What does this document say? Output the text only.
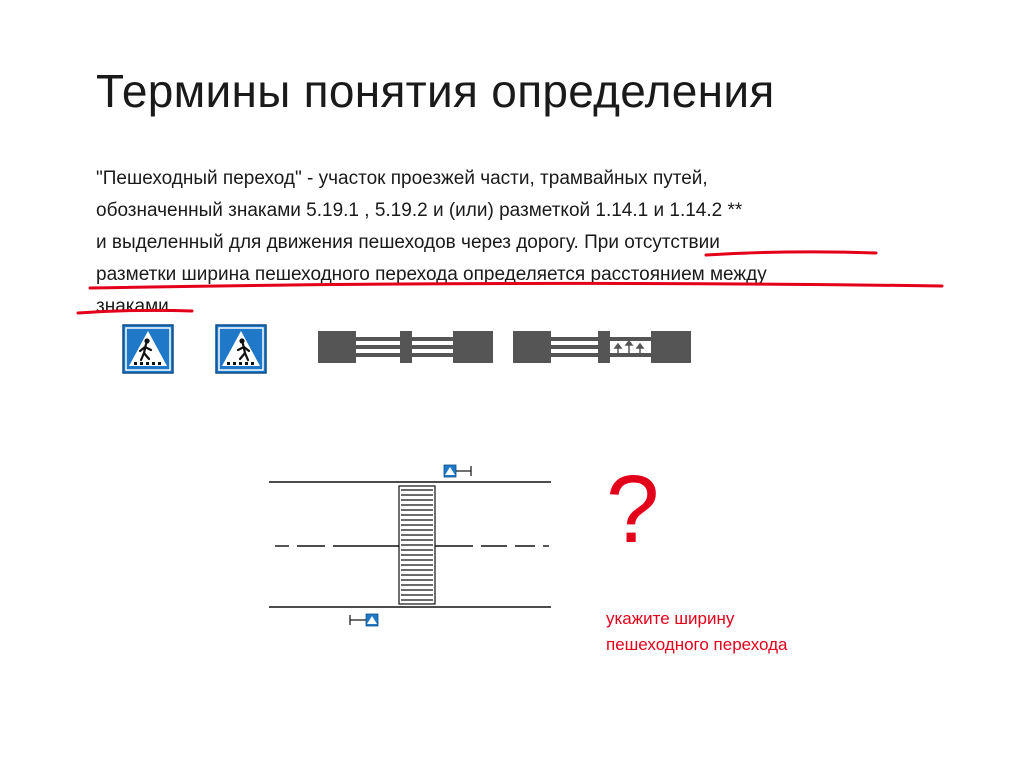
Термины понятия определения
"Пешеходный переход" - участок проезжей части, трамвайных путей,
обозначенный знаками 5.19.1 , 5.19.2 и (или) разметкой 1.14.1 и 1.14.2 **
и выделенный для движения пешеходов через дорогу. При отсутствии
разметки ширина пешеходного перехода определяется расстоянием между
знаками
?
укажите ширину
пешеходного перехода
